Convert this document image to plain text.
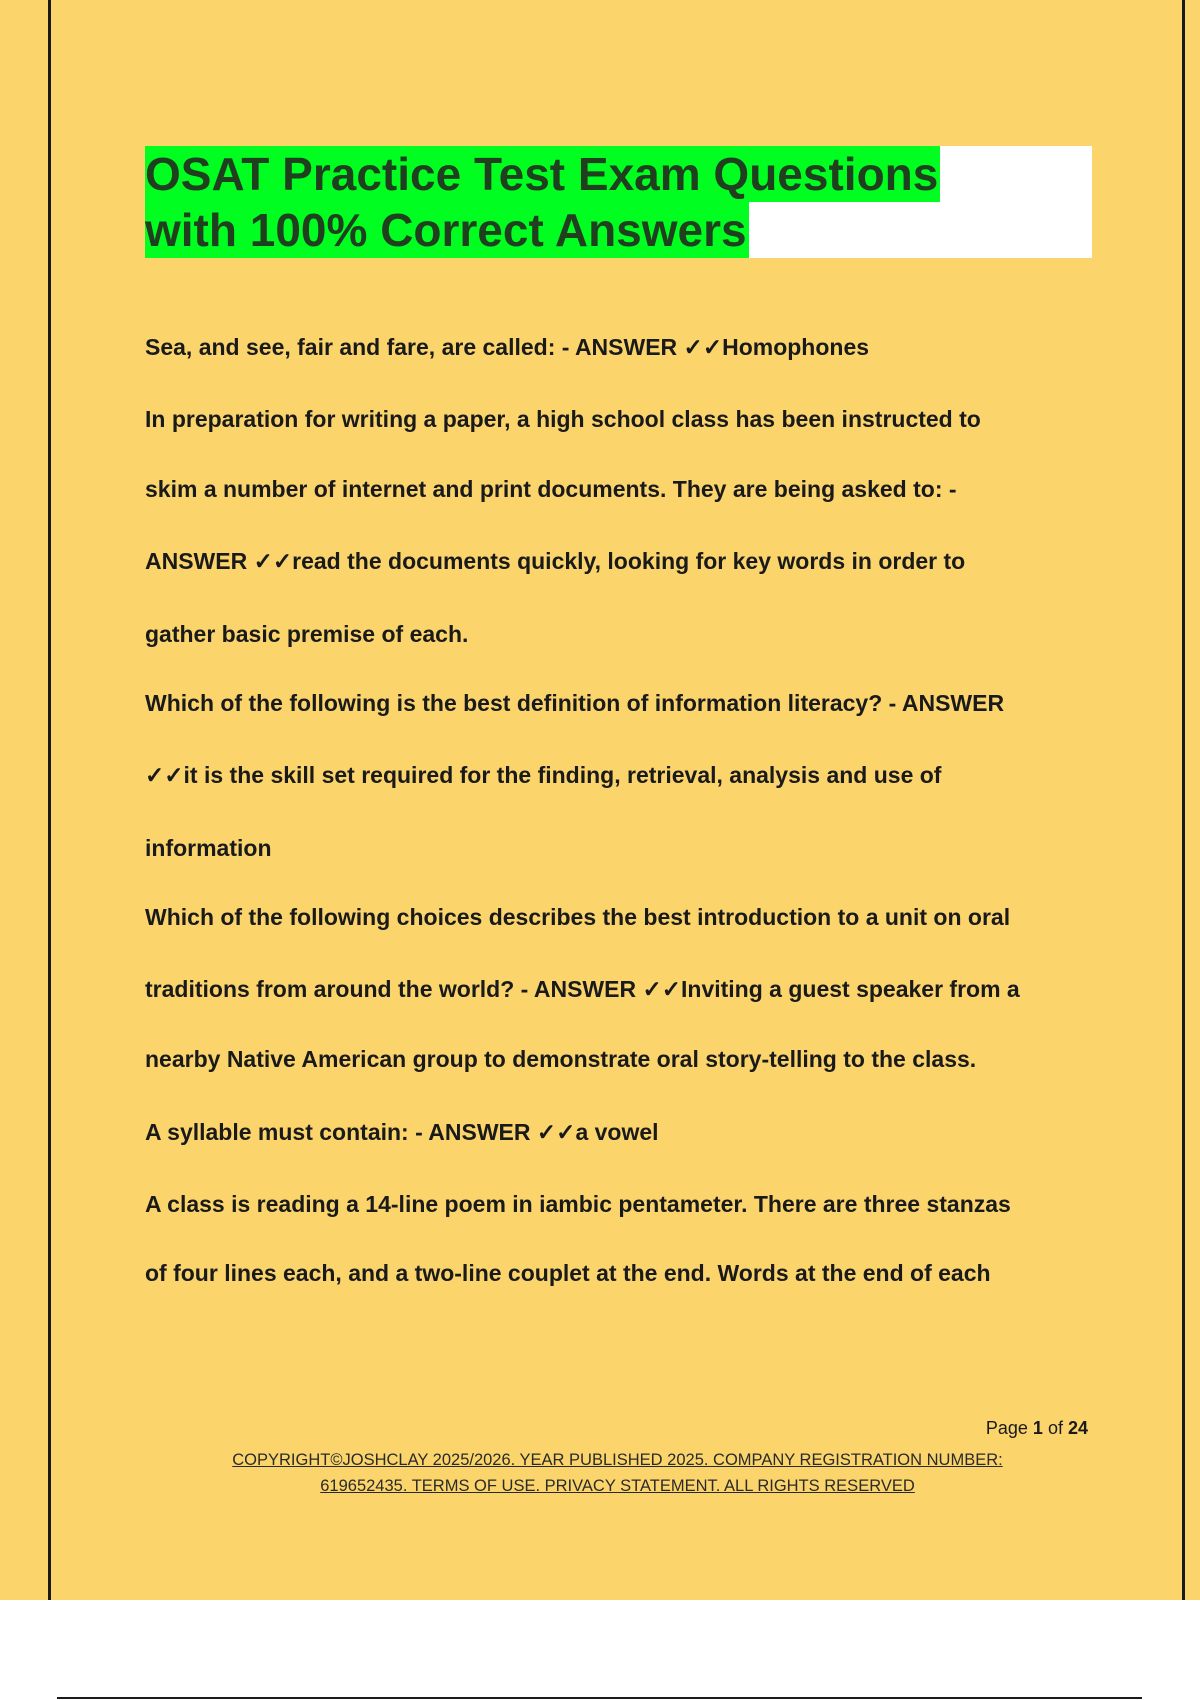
OSAT Practice Test Exam Questions
with 100% Correct Answers
Sea, and see, fair and fare, are called: - ANSWER ✓✓Homophones
In preparation for writing a paper, a high school class has been instructed to
skim a number of internet and print documents. They are being asked to: -
ANSWER ✓✓read the documents quickly, looking for key words in order to
gather basic premise of each.
Which of the following is the best definition of information literacy? - ANSWER
✓✓it is the skill set required for the finding, retrieval, analysis and use of
information
Which of the following choices describes the best introduction to a unit on oral
traditions from around the world? - ANSWER ✓✓Inviting a guest speaker from a
nearby Native American group to demonstrate oral story-telling to the class.
A syllable must contain: - ANSWER ✓✓a vowel
A class is reading a 14-line poem in iambic pentameter. There are three stanzas
of four lines each, and a two-line couplet at the end. Words at the end of each
Page 1 of 24
COPYRIGHT©JOSHCLAY 2025/2026. YEAR PUBLISHED 2025. COMPANY REGISTRATION NUMBER:
619652435. TERMS OF USE. PRIVACY STATEMENT. ALL RIGHTS RESERVED
